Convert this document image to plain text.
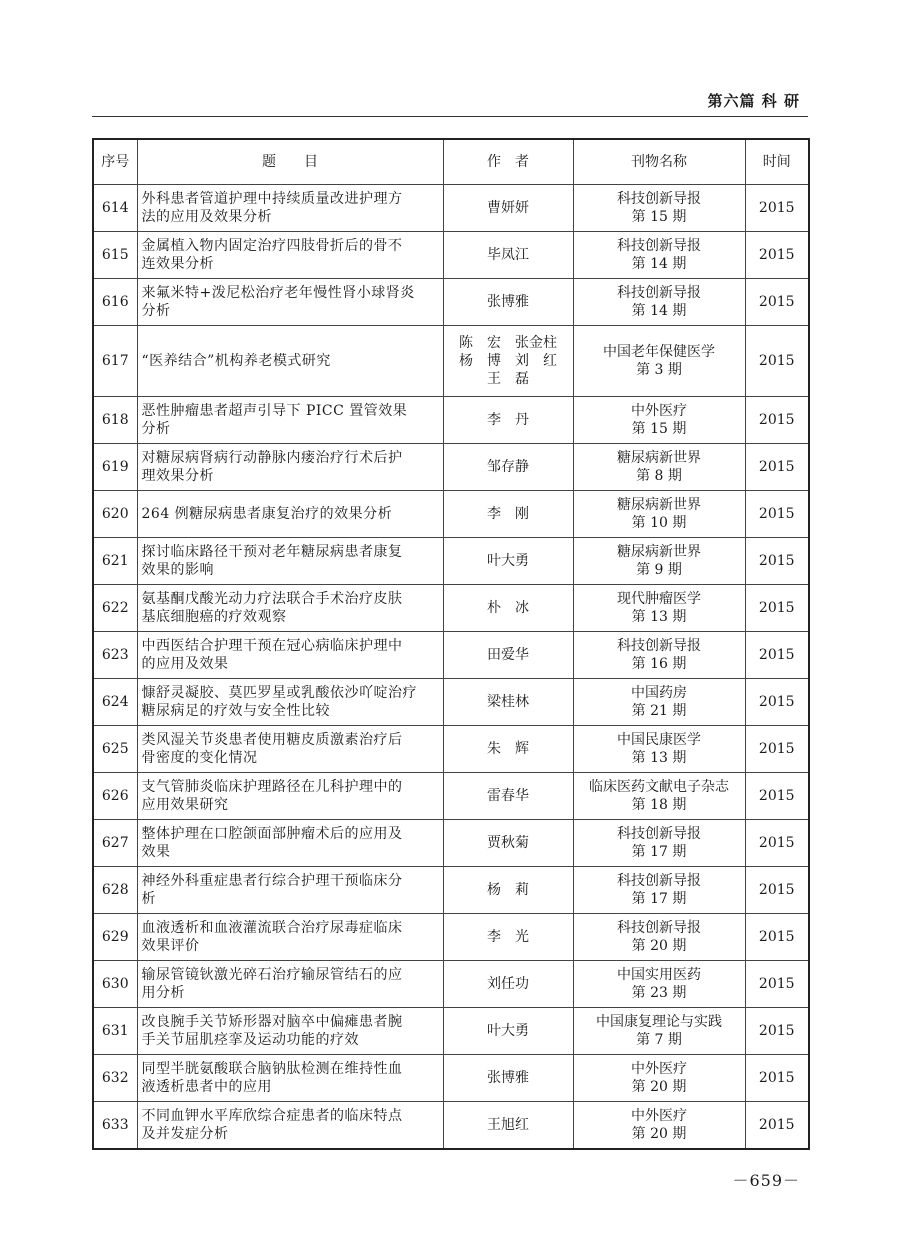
第六篇 科 研
序号	题　　目	作　者	刊物名称	时间
614	外科患者管道护理中持续质量改进护理方
法的应用及效果分析	曹妍妍	科技创新导报
第 15 期	2015
615	金属植入物内固定治疗四肢骨折后的骨不
连效果分析	毕凤江	科技创新导报
第 14 期	2015
616	来氟米特+泼尼松治疗老年慢性肾小球肾炎
分析	张博雅	科技创新导报
第 14 期	2015
617	“医养结合”机构养老模式研究	陈　宏　张金柱
杨　博　刘　红
王　磊	中国老年保健医学
第 3 期	2015
618	恶性肿瘤患者超声引导下 PICC 置管效果
分析	李　丹	中外医疗
第 15 期	2015
619	对糖尿病肾病行动静脉内瘘治疗行术后护
理效果分析	邹存静	糖尿病新世界
第 8 期	2015
620	264 例糖尿病患者康复治疗的效果分析	李　刚	糖尿病新世界
第 10 期	2015
621	探讨临床路径干预对老年糖尿病患者康复
效果的影响	叶大勇	糖尿病新世界
第 9 期	2015
622	氨基酮戊酸光动力疗法联合手术治疗皮肤
基底细胞癌的疗效观察	朴　冰	现代肿瘤医学
第 13 期	2015
623	中西医结合护理干预在冠心病临床护理中
的应用及效果	田爱华	科技创新导报
第 16 期	2015
624	慷舒灵凝胶、莫匹罗星或乳酸依沙吖啶治疗
糖尿病足的疗效与安全性比较	梁桂林	中国药房
第 21 期	2015
625	类风湿关节炎患者使用糖皮质激素治疗后
骨密度的变化情况	朱　辉	中国民康医学
第 13 期	2015
626	支气管肺炎临床护理路径在儿科护理中的
应用效果研究	雷春华	临床医药文献电子杂志
第 18 期	2015
627	整体护理在口腔颌面部肿瘤术后的应用及
效果	贾秋菊	科技创新导报
第 17 期	2015
628	神经外科重症患者行综合护理干预临床分
析	杨　莉	科技创新导报
第 17 期	2015
629	血液透析和血液灌流联合治疗尿毒症临床
效果评价	李　光	科技创新导报
第 20 期	2015
630	输尿管镜钬激光碎石治疗输尿管结石的应
用分析	刘任功	中国实用医药
第 23 期	2015
631	改良腕手关节矫形器对脑卒中偏瘫患者腕
手关节屈肌痉挛及运动功能的疗效	叶大勇	中国康复理论与实践
第 7 期	2015
632	同型半胱氨酸联合脑钠肽检测在维持性血
液透析患者中的应用	张博雅	中外医疗
第 20 期	2015
633	不同血钾水平库欣综合症患者的临床特点
及并发症分析	王旭红	中外医疗
第 20 期	2015
－659－
